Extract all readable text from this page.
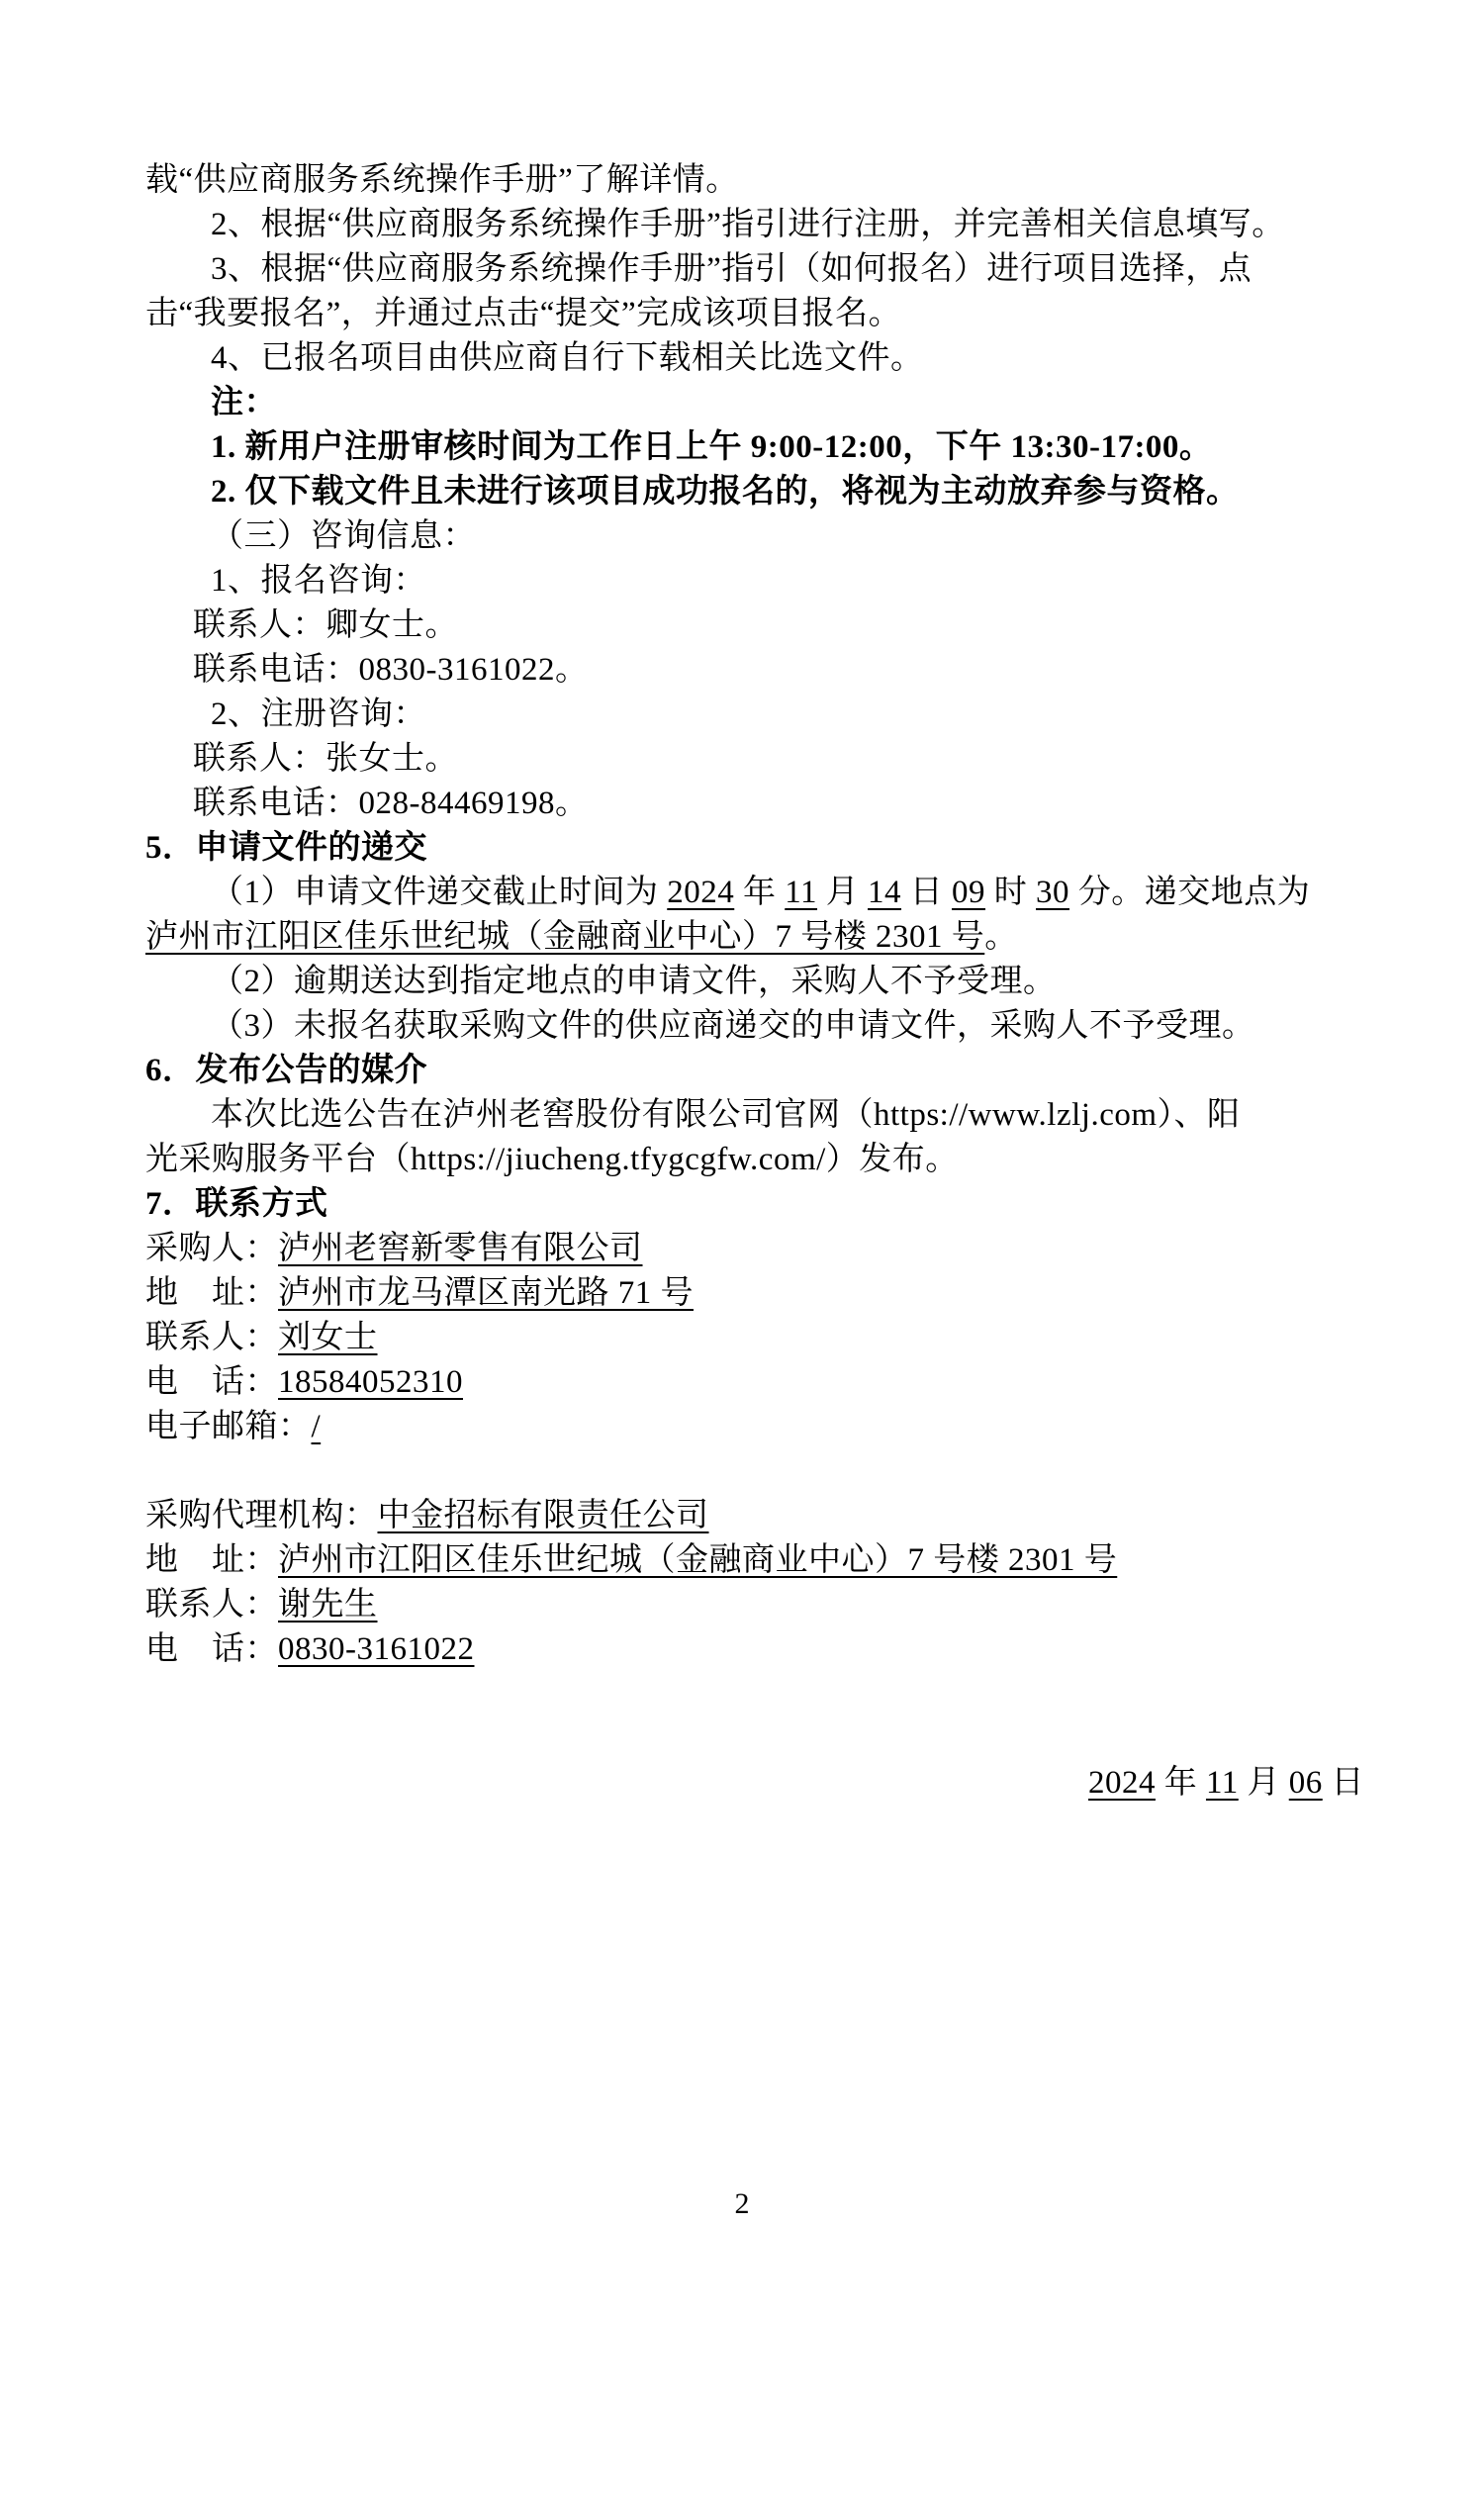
载“供应商服务系统操作手册”了解详情。
2、根据“供应商服务系统操作手册”指引进行注册，并完善相关信息填写。
3、根据“供应商服务系统操作手册”指引（如何报名）进行项目选择，点
击“我要报名”，并通过点击“提交”完成该项目报名。
4、已报名项目由供应商自行下载相关比选文件。
注：
1. 新用户注册审核时间为工作日上午 9:00-12:00，下午 13:30-17:00。
2. 仅下载文件且未进行该项目成功报名的，将视为主动放弃参与资格。
（三）咨询信息：
1、报名咨询：
联系人：卿女士。
联系电话：0830-3161022。
2、注册咨询：
联系人：张女士。
联系电话：028-84469198。
5．申请文件的递交
（1）申请文件递交截止时间为 2024 年 11 月 14 日 09 时 30 分。递交地点为
泸州市江阳区佳乐世纪城（金融商业中心）7 号楼 2301 号。
（2）逾期送达到指定地点的申请文件，采购人不予受理。
（3）未报名获取采购文件的供应商递交的申请文件，采购人不予受理。
6．发布公告的媒介
本次比选公告在泸州老窖股份有限公司官网（https://www.lzlj.com）、阳
光采购服务平台（https://jiucheng.tfygcgfw.com/）发布。
7．联系方式
采购人：泸州老窖新零售有限公司
地　址：泸州市龙马潭区南光路 71 号
联系人：刘女士
电　话：18584052310
电子邮箱：/
采购代理机构：中金招标有限责任公司
地　址：泸州市江阳区佳乐世纪城（金融商业中心）7 号楼 2301 号
联系人：谢先生
电　话：0830-3161022
2024 年 11 月 06 日
2
